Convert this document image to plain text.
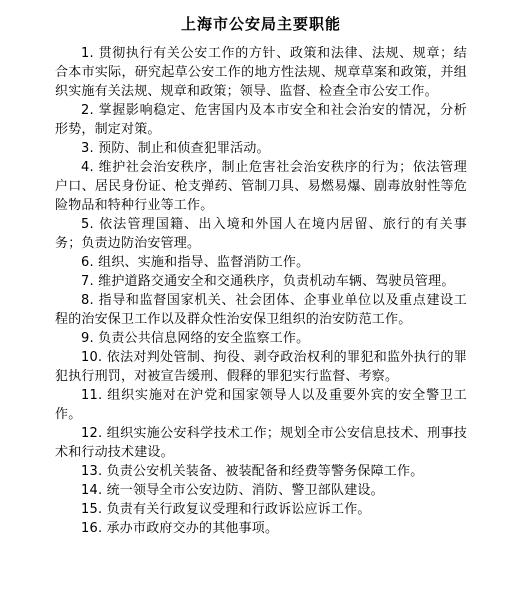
上海市公安局主要职能

1. 贯彻执行有关公安工作的方针、政策和法律、法规、规章；结合本市实际，研究起草公安工作的地方性法规、规章草案和政策，并组织实施有关法规、规章和政策；领导、监督、检查全市公安工作。

2. 掌握影响稳定、危害国内及本市安全和社会治安的情况，分析形势，制定对策。

3. 预防、制止和侦查犯罪活动。

4. 维护社会治安秩序，制止危害社会治安秩序的行为；依法管理户口、居民身份证、枪支弹药、管制刀具、易燃易爆、剧毒放射性等危险物品和特种行业等工作。

5. 依法管理国籍、出入境和外国人在境内居留、旅行的有关事务；负责边防治安管理。

6. 组织、实施和指导、监督消防工作。

7. 维护道路交通安全和交通秩序，负责机动车辆、驾驶员管理。

8. 指导和监督国家机关、社会团体、企事业单位以及重点建设工程的治安保卫工作以及群众性治安保卫组织的治安防范工作。

9. 负责公共信息网络的安全监察工作。

10. 依法对判处管制、拘役、剥夺政治权利的罪犯和监外执行的罪犯执行刑罚，对被宣告缓刑、假释的罪犯实行监督、考察。

11. 组织实施对在沪党和国家领导人以及重要外宾的安全警卫工作。

12. 组织实施公安科学技术工作；规划全市公安信息技术、刑事技术和行动技术建设。

13. 负责公安机关装备、被装配备和经费等警务保障工作。

14. 统一领导全市公安边防、消防、警卫部队建设。

15. 负责有关行政复议受理和行政诉讼应诉工作。

16. 承办市政府交办的其他事项。
